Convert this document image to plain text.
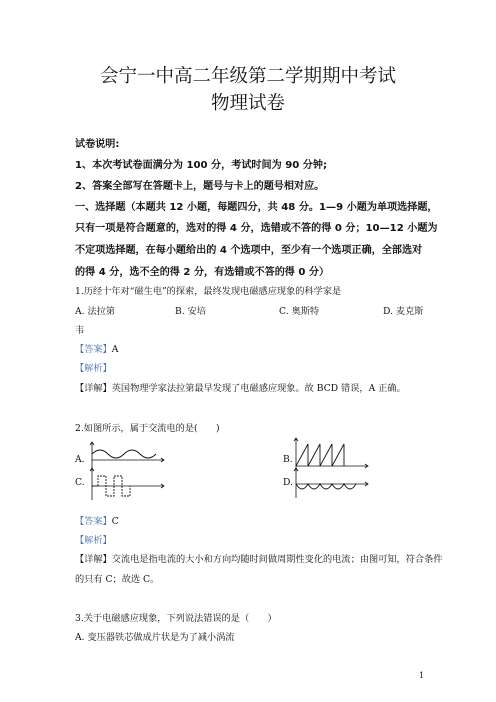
会宁一中高二年级第二学期期中考试
物理试卷
试卷说明:
1、本次考试卷面满分为 100 分，考试时间为 90 分钟;
2、答案全部写在答题卡上，题号与卡上的题号相对应。
一、选择题（本题共 12 小题，每题四分，共 48 分。1—9 小题为单项选择题，
只有一项是符合题意的，选对的得 4 分，选错或不答的得 0 分；10—12 小题为
不定项选择题，在每小题给出的 4 个选项中，至少有一个选项正确，全部选对
的得 4 分，选不全的得 2 分，有选错或不答的得 0 分）
1.历经十年对“磁生电”的探索，最终发现电磁感应现象的科学家是
A. 法拉第	B. 安培	C. 奥斯特	D. 麦克斯
韦
【答案】A
【解析】
【详解】英国物理学家法拉第最早发现了电磁感应现象。故 BCD 错误，A 正确。
2.如图所示，属于交流电的是(　　)
A.	B.
C.	D.
【答案】C
【解析】
【详解】交流电是指电流的大小和方向均随时间做周期性变化的电流；由图可知，符合条件
的只有 C；故选 C。
3.关于电磁感应现象，下列说法错误的是（　　）
A. 变压器铁芯做成片状是为了减小涡流
1
